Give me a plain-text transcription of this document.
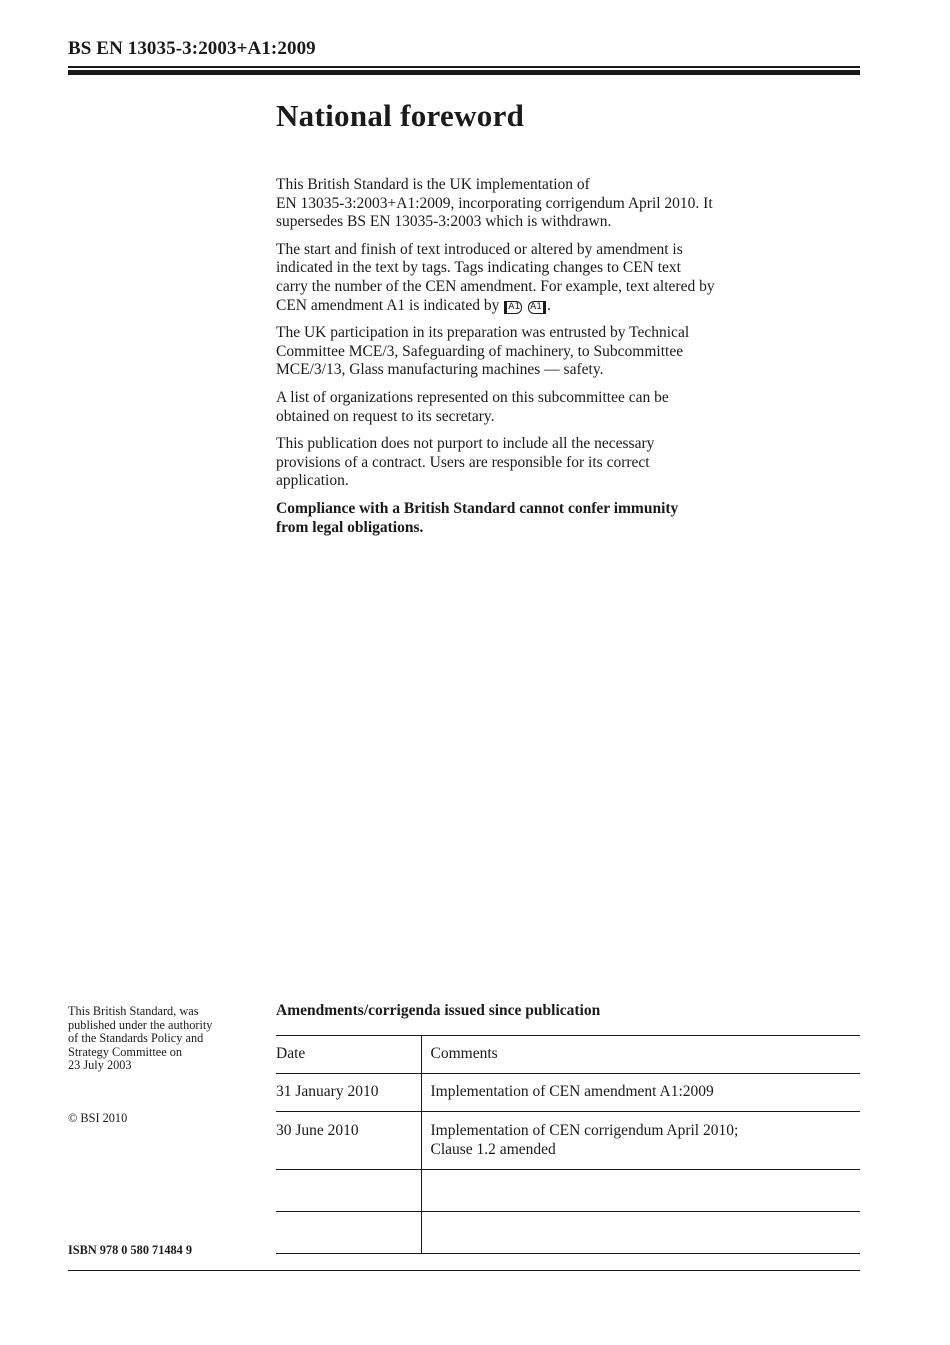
BS EN 13035-3:2003+A1:2009
National foreword

This British Standard is the UK implementation of
EN 13035-3:2003+A1:2009, incorporating corrigendum April 2010. It
supersedes BS EN 13035-3:2003 which is withdrawn.

The start and finish of text introduced or altered by amendment is
indicated in the text by tags. Tags indicating changes to CEN text
carry the number of the CEN amendment. For example, text altered by
CEN amendment A1 is indicated by A1 A1 .

The UK participation in its preparation was entrusted by Technical
Committee MCE/3, Safeguarding of machinery, to Subcommittee
MCE/3/13, Glass manufacturing machines — safety.

A list of organizations represented on this subcommittee can be
obtained on request to its secretary.

This publication does not purport to include all the necessary
provisions of a contract. Users are responsible for its correct
application.

Compliance with a British Standard cannot confer immunity
from legal obligations.

This British Standard, was
published under the authority
of the Standards Policy and
Strategy Committee on
23 July 2003
© BSI 2010
ISBN 978 0 580 71484 9
Amendments/corrigenda issued since publication
Date	Comments
31 January 2010	Implementation of CEN amendment A1:2009
30 June 2010	Implementation of CEN corrigendum April 2010;
Clause 1.2 amended
